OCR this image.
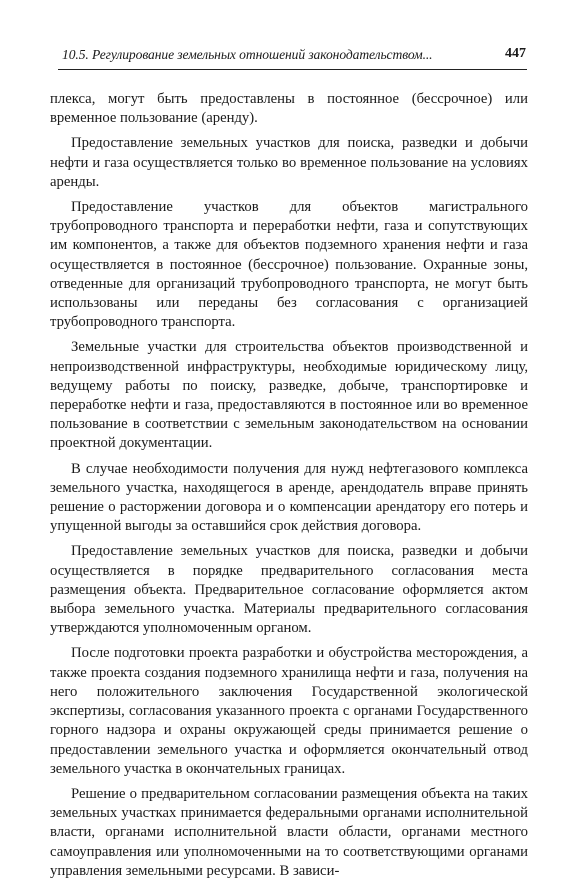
10.5. Регулирование земельных отношений законодательством...	447

плекса, могут быть предоставлены в постоянное (бессрочное) или временное пользование (аренду).

Предоставление земельных участков для поиска, разведки и добычи нефти и газа осуществляется только во временное пользование на условиях аренды.

Предоставление участков для объектов магистрального трубопроводного транспорта и переработки нефти, газа и сопутствующих им компонентов, а также для объектов подземного хранения нефти и газа осуществляется в постоянное (бессрочное) пользование. Охранные зоны, отведенные для организаций трубопроводного транспорта, не могут быть использованы или переданы без согласования с организацией трубопроводного транспорта.

Земельные участки для строительства объектов производственной и непроизводственной инфраструктуры, необходимые юридическому лицу, ведущему работы по поиску, разведке, добыче, транспортировке и переработке нефти и газа, предоставляются в постоянное или во временное пользование в соответствии с земельным законодательством на основании проектной документации.

В случае необходимости получения для нужд нефтегазового комплекса земельного участка, находящегося в аренде, арендодатель вправе принять решение о расторжении договора и о компенсации арендатору его потерь и упущенной выгоды за оставшийся срок действия договора.

Предоставление земельных участков для поиска, разведки и добычи осуществляется в порядке предварительного согласования места размещения объекта. Предварительное согласование оформляется актом выбора земельного участка. Материалы предварительного согласования утверждаются уполномоченным органом.

После подготовки проекта разработки и обустройства месторождения, а также проекта создания подземного хранилища нефти и газа, получения на него положительного заключения Государственной экологической экспертизы, согласования указанного проекта с органами Государственного горного надзора и охраны окружающей среды принимается решение о предоставлении земельного участка и оформляется окончательный отвод земельного участка в окончательных границах.

Решение о предварительном согласовании размещения объекта на таких земельных участках принимается федеральными органами исполнительной власти, органами исполнительной власти области, органами местного самоуправления или уполномоченными на то соответствующими органами управления земельными ресурсами. В зависи-
